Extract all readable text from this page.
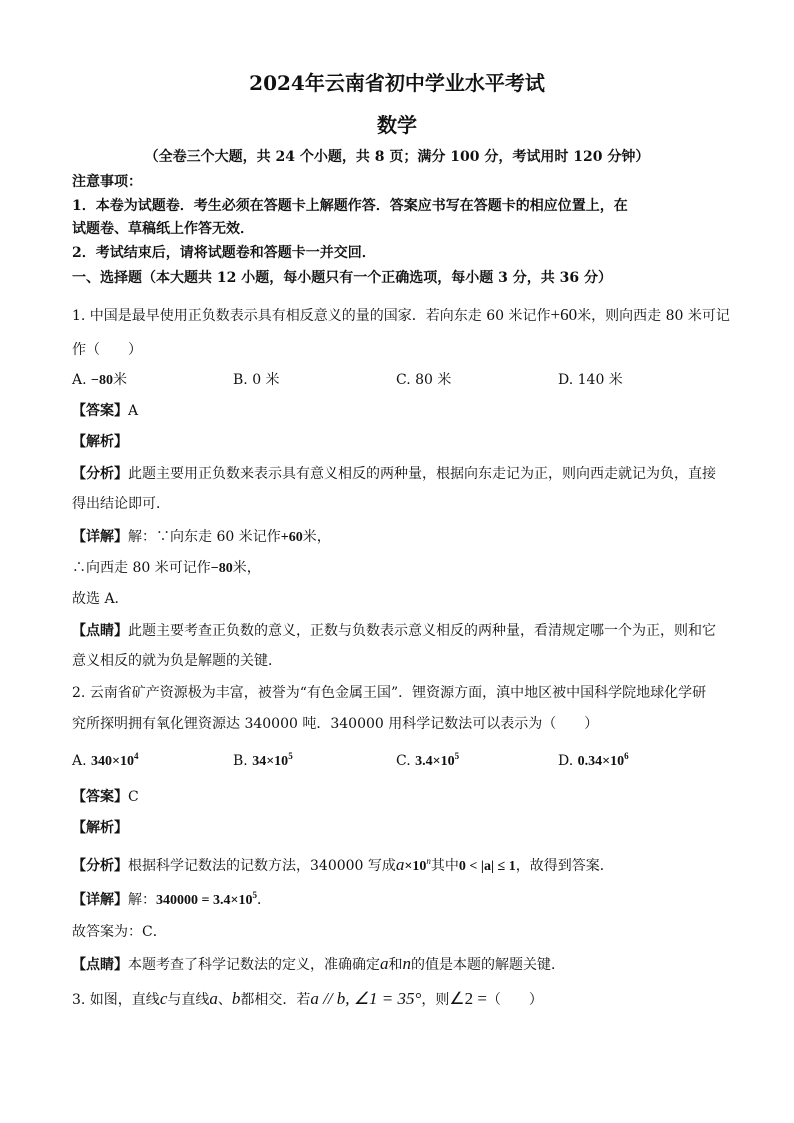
2024年云南省初中学业水平考试
数学
（全卷三个大题，共 24 个小题，共 8 页；满分 100 分，考试用时 120 分钟）
注意事项：
1．本卷为试题卷．考生必须在答题卡上解题作答．答案应书写在答题卡的相应位置上，在
试题卷、草稿纸上作答无效．
2．考试结束后，请将试题卷和答题卡一并交回．
一、选择题（本大题共 12 小题，每小题只有一个正确选项，每小题 3 分，共 36 分）
1. 中国是最早使用正负数表示具有相反意义的量的国家．若向东走 60 米记作+60米，则向西走 80 米可记
作（　　）
A. −80米	B. 0 米	C. 80 米	D. 140 米
【答案】A
【解析】
【分析】此题主要用正负数来表示具有意义相反的两种量，根据向东走记为正，则向西走就记为负，直接
得出结论即可．
【详解】解：∵向东走 60 米记作+60米，
∴向西走 80 米可记作−80米，
故选 A．
【点睛】此题主要考查正负数的意义，正数与负数表示意义相反的两种量，看清规定哪一个为正，则和它
意义相反的就为负是解题的关键．
2. 云南省矿产资源极为丰富，被誉为“有色金属王国”．锂资源方面，滇中地区被中国科学院地球化学研
究所探明拥有氧化锂资源达 340000 吨．340000 用科学记数法可以表示为（　　）
A. $340\times 10^4$	B. $34\times 10^5$	C. $3.4\times 10^5$	D. $0.34\times 10^6$
【答案】C
【解析】
【分析】根据科学记数法的记数方法，340000 写成$a\times 10^n$其中0 < |a| ≤ 1，故得到答案．
【详解】解：$340000 = 3.4\times 10^5$．
故答案为：C．
【点睛】本题考查了科学记数法的定义，准确确定a和n的值是本题的解题关键．
3. 如图，直线c与直线a、b都相交．若a // b, ∠1 = 35°，则∠2 =（　　）
